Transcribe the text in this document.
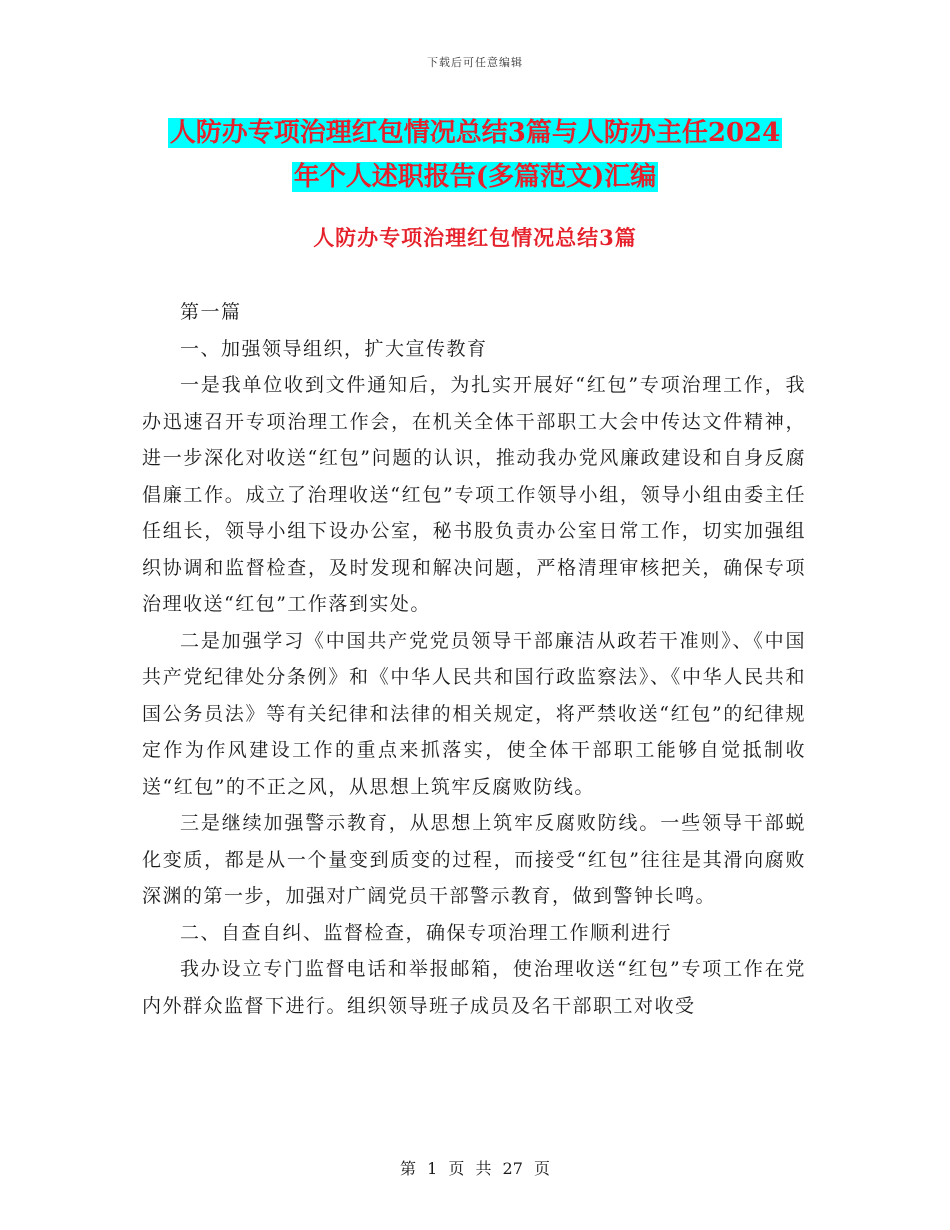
下载后可任意编辑
人防办专项治理红包情况总结3篇与人防办主任2024
年个人述职报告(多篇范文)汇编
人防办专项治理红包情况总结3篇

第一篇

一、加强领导组织，扩大宣传教育

一是我单位收到文件通知后，为扎实开展好“红包”专项治理工作，我办迅速召开专项治理工作会，在机关全体干部职工大会中传达文件精神，进一步深化对收送“红包”问题的认识，推动我办党风廉政建设和自身反腐倡廉工作。成立了治理收送“红包”专项工作领导小组，领导小组由委主任任组长，领导小组下设办公室，秘书股负责办公室日常工作，切实加强组织协调和监督检查，及时发现和解决问题，严格清理审核把关，确保专项治理收送“红包”工作落到实处。

二是加强学习《中国共产党党员领导干部廉洁从政若干准则》、《中国共产党纪律处分条例》和《中华人民共和国行政监察法》、《中华人民共和国公务员法》等有关纪律和法律的相关规定，将严禁收送“红包”的纪律规定作为作风建设工作的重点来抓落实，使全体干部职工能够自觉抵制收送“红包”的不正之风，从思想上筑牢反腐败防线。

三是继续加强警示教育，从思想上筑牢反腐败防线。一些领导干部蜕化变质，都是从一个量变到质变的过程，而接受“红包”往往是其滑向腐败深渊的第一步，加强对广阔党员干部警示教育，做到警钟长鸣。

二、自查自纠、监督检查，确保专项治理工作顺利进行

我办设立专门监督电话和举报邮箱，使治理收送“红包”专项工作在党内外群众监督下进行。组织领导班子成员及名干部职工对收受

第 1 页 共 27 页
